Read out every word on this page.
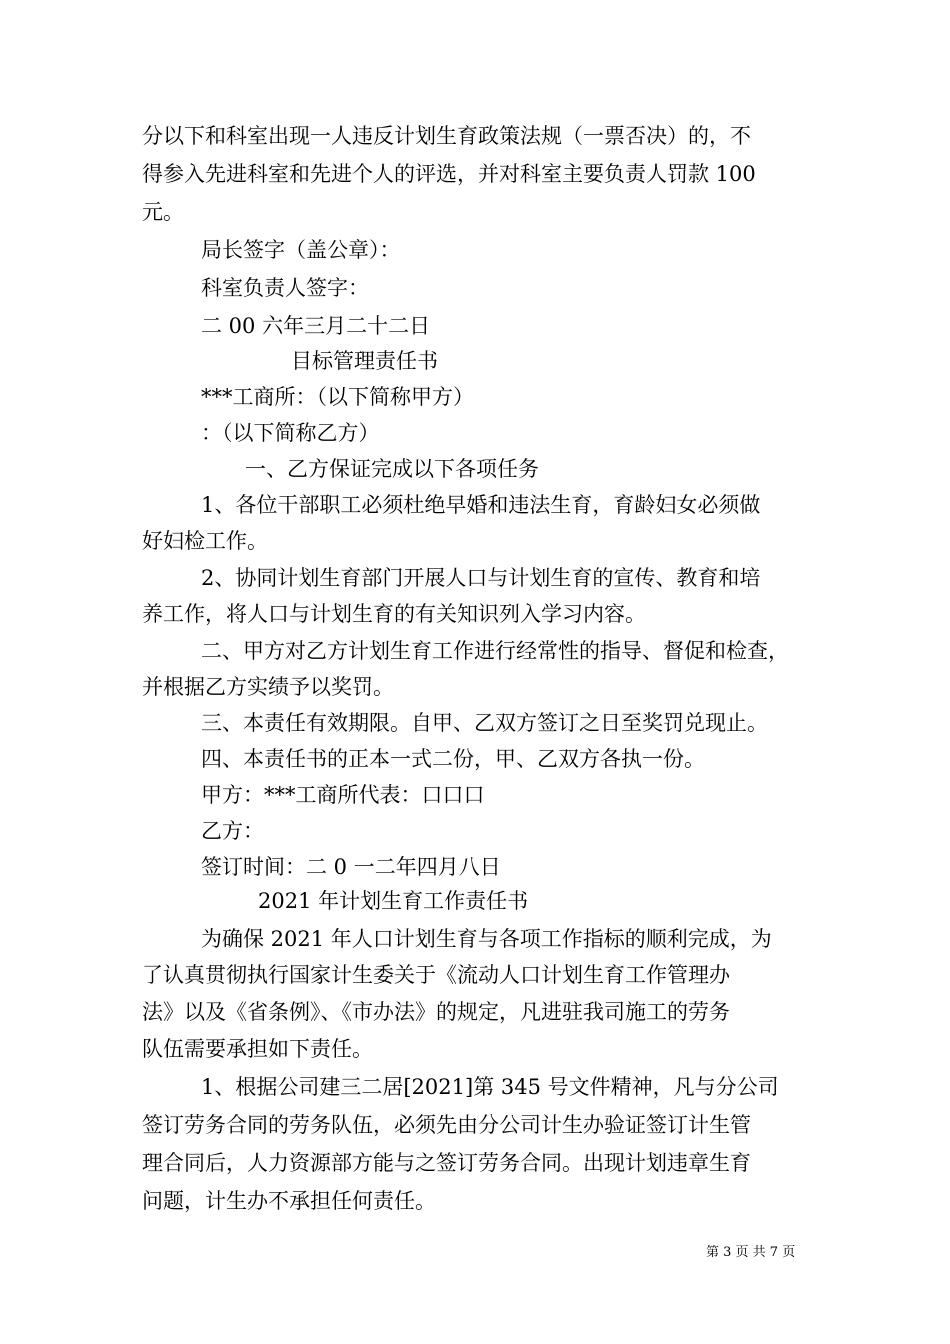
分以下和科室出现一人违反计划生育政策法规（一票否决）的，不
得参入先进科室和先进个人的评选，并对科室主要负责人罚款 100
元。
局长签字（盖公章）：
科室负责人签字：
二 00 六年三月二十二日
目标管理责任书
***工商所：（以下简称甲方）
：（以下简称乙方）
一、乙方保证完成以下各项任务
1、各位干部职工必须杜绝早婚和违法生育，育龄妇女必须做
好妇检工作。
2、协同计划生育部门开展人口与计划生育的宣传、教育和培
养工作，将人口与计划生育的有关知识列入学习内容。
二、甲方对乙方计划生育工作进行经常性的指导、督促和检查，
并根据乙方实绩予以奖罚。
三、本责任有效期限。自甲、乙双方签订之日至奖罚兑现止。
四、本责任书的正本一式二份，甲、乙双方各执一份。
甲方：***工商所代表：口口口
乙方：
签订时间：二 0 一二年四月八日
2021 年计划生育工作责任书
为确保 2021 年人口计划生育与各项工作指标的顺利完成，为
了认真贯彻执行国家计生委关于《流动人口计划生育工作管理办
法》以及《省条例》、《市办法》的规定，凡进驻我司施工的劳务
队伍需要承担如下责任。
1、根据公司建三二居[2021]第 345 号文件精神，凡与分公司
签订劳务合同的劳务队伍，必须先由分公司计生办验证签订计生管
理合同后，人力资源部方能与之签订劳务合同。出现计划违章生育
问题，计生办不承担任何责任。
第 3 页 共 7 页
